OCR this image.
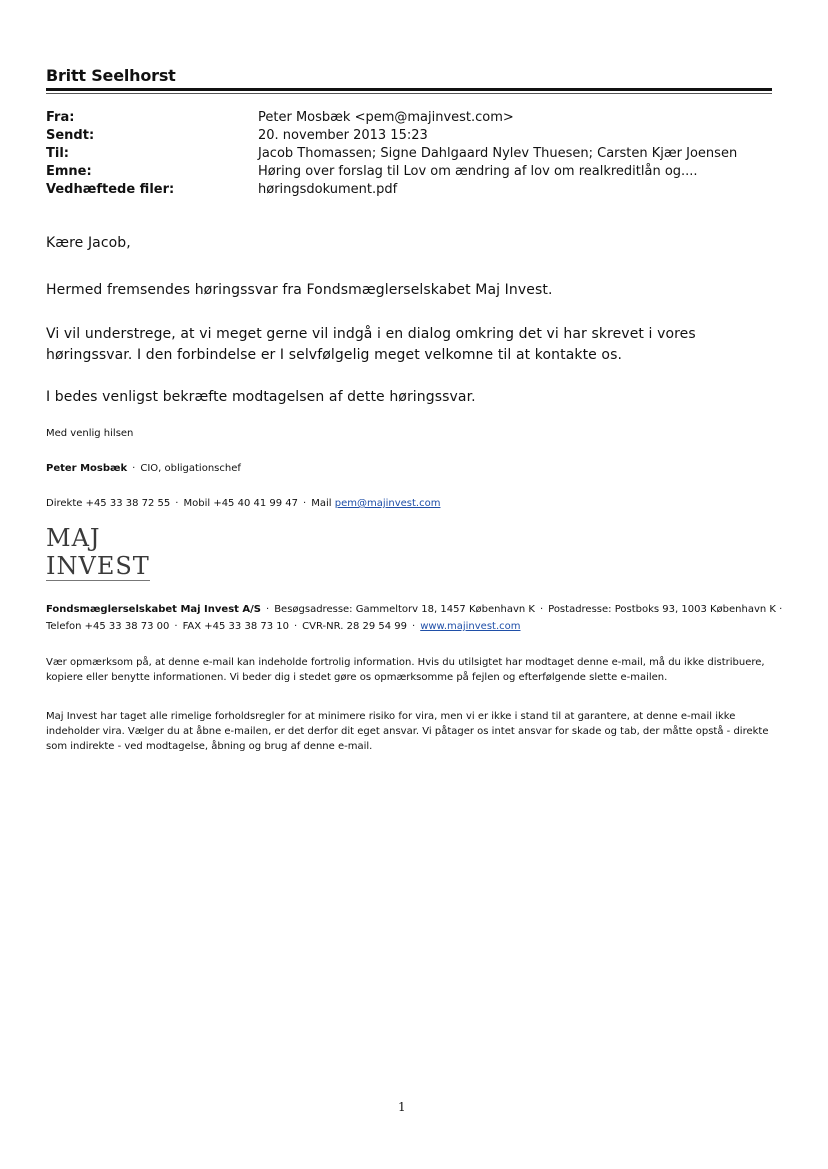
Britt Seelhorst
Fra:	Peter Mosbæk <pem@majinvest.com>
Sendt:	20. november 2013 15:23
Til:	Jacob Thomassen; Signe Dahlgaard Nylev Thuesen; Carsten Kjær Joensen
Emne:	Høring over forslag til Lov om ændring af lov om realkreditlån og....
Vedhæftede filer:	høringsdokument.pdf
Kære Jacob,
Hermed fremsendes høringssvar fra Fondsmæglerselskabet Maj Invest.
Vi vil understrege, at vi meget gerne vil indgå i en dialog omkring det vi har skrevet i vores høringssvar. I den forbindelse er I selvfølgelig meget velkomne til at kontakte os.
I bedes venligst bekræfte modtagelsen af dette høringssvar.
Med venlig hilsen
Peter Mosbæk · CIO, obligationschef
Direkte +45 33 38 72 55 · Mobil +45 40 41 99 47 · Mail pem@majinvest.com
MAJ
INVEST
Fondsmæglerselskabet Maj Invest A/S · Besøgsadresse: Gammeltorv 18, 1457 København K · Postadresse: Postboks 93, 1003 København K ·
Telefon +45 33 38 73 00 · FAX +45 33 38 73 10 · CVR-NR. 28 29 54 99 · www.majinvest.com
Vær opmærksom på, at denne e-mail kan indeholde fortrolig information. Hvis du utilsigtet har modtaget denne e-mail, må du ikke distribuere, kopiere eller benytte informationen. Vi beder dig i stedet gøre os opmærksomme på fejlen og efterfølgende slette e-mailen.
Maj Invest har taget alle rimelige forholdsregler for at minimere risiko for vira, men vi er ikke i stand til at garantere, at denne e-mail ikke indeholder vira. Vælger du at åbne e-mailen, er det derfor dit eget ansvar. Vi påtager os intet ansvar for skade og tab, der måtte opstå - direkte som indirekte - ved modtagelse, åbning og brug af denne e-mail.
1
